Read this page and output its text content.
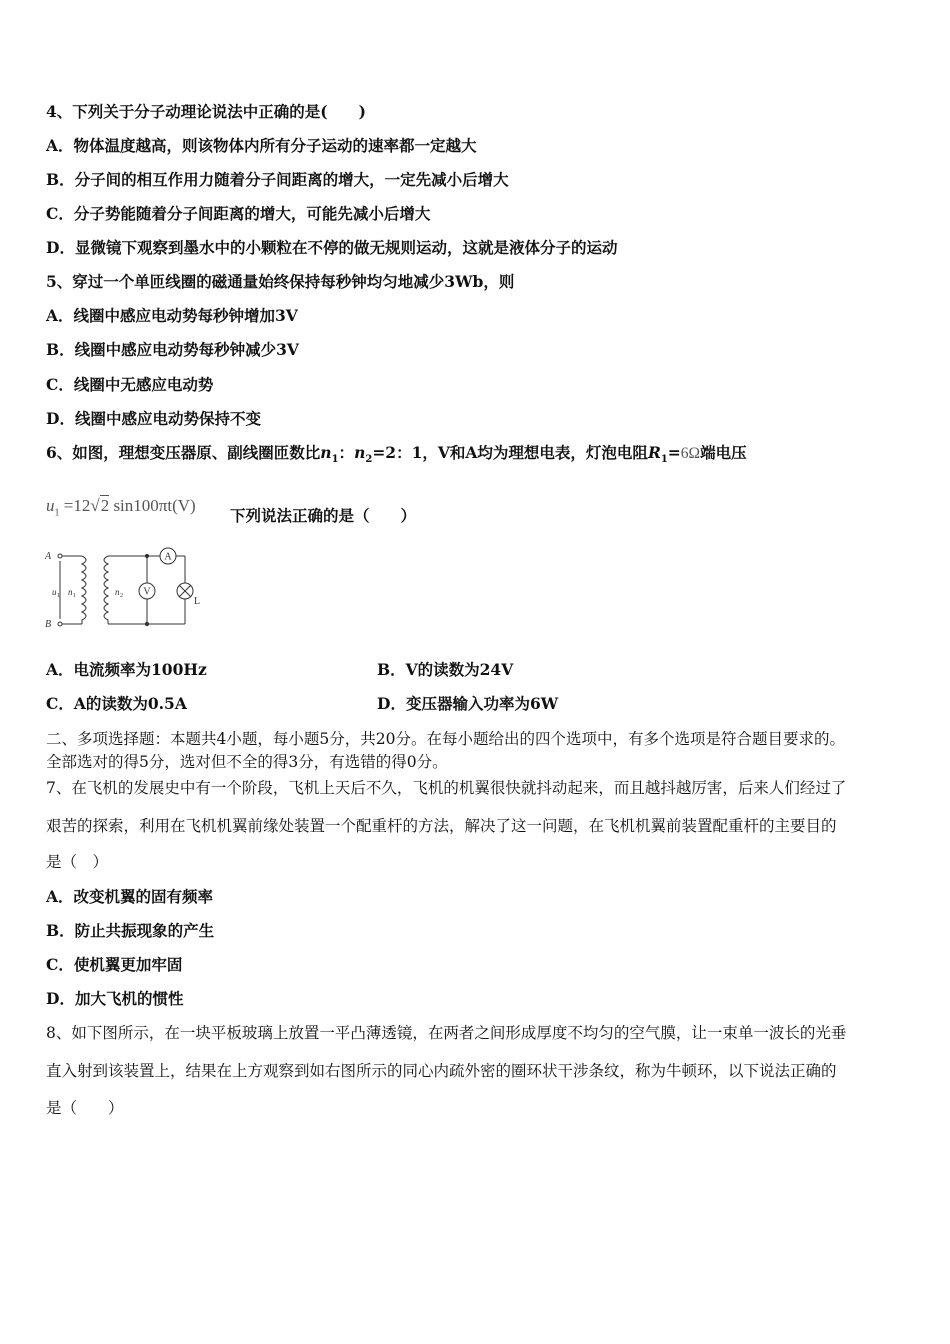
4、下列关于分子动理论说法中正确的是(　　)
A．物体温度越高，则该物体内所有分子运动的速率都一定越大
B．分子间的相互作用力随着分子间距离的增大，一定先减小后增大
C．分子势能随着分子间距离的增大，可能先减小后增大
D．显微镜下观察到墨水中的小颗粒在不停的做无规则运动，这就是液体分子的运动
5、穿过一个单匝线圈的磁通量始终保持每秒钟均匀地减少3Wb，则
A．线圈中感应电动势每秒钟增加3V
B．线圈中感应电动势每秒钟减少3V
C．线圈中无感应电动势
D．线圈中感应电动势保持不变
6、如图，理想变压器原、副线圈匝数比$n_1$：$n_2=2$：1，V和A均为理想电表，灯泡电阻$R_1=6\Omega$端电压
$u_1 =12√2$ sin100πt(V)
下列说法正确的是（　　）
A
B
u 1 n 1	n 2
A
V
L
A．电流频率为100Hz	B．V的读数为24V
C．A的读数为0.5A	D．变压器输入功率为6W
二、多项选择题：本题共4小题，每小题5分，共20分。在每小题给出的四个选项中，有多个选项是符合题目要求的。
全部选对的得5分，选对但不全的得3分，有选错的得0分。
7、在飞机的发展史中有一个阶段，飞机上天后不久，飞机的机翼很快就抖动起来，而且越抖越厉害，后来人们经过了
艰苦的探索，利用在飞机机翼前缘处装置一个配重杆的方法，解决了这一问题，在飞机机翼前装置配重杆的主要目的
是（　）
A．改变机翼的固有频率
B．防止共振现象的产生
C．使机翼更加牢固
D．加大飞机的惯性
8、如下图所示，在一块平板玻璃上放置一平凸薄透镜，在两者之间形成厚度不均匀的空气膜，让一束单一波长的光垂
直入射到该装置上，结果在上方观察到如右图所示的同心内疏外密的圈环状干涉条纹，称为牛顿环，以下说法正确的
是（　　）
